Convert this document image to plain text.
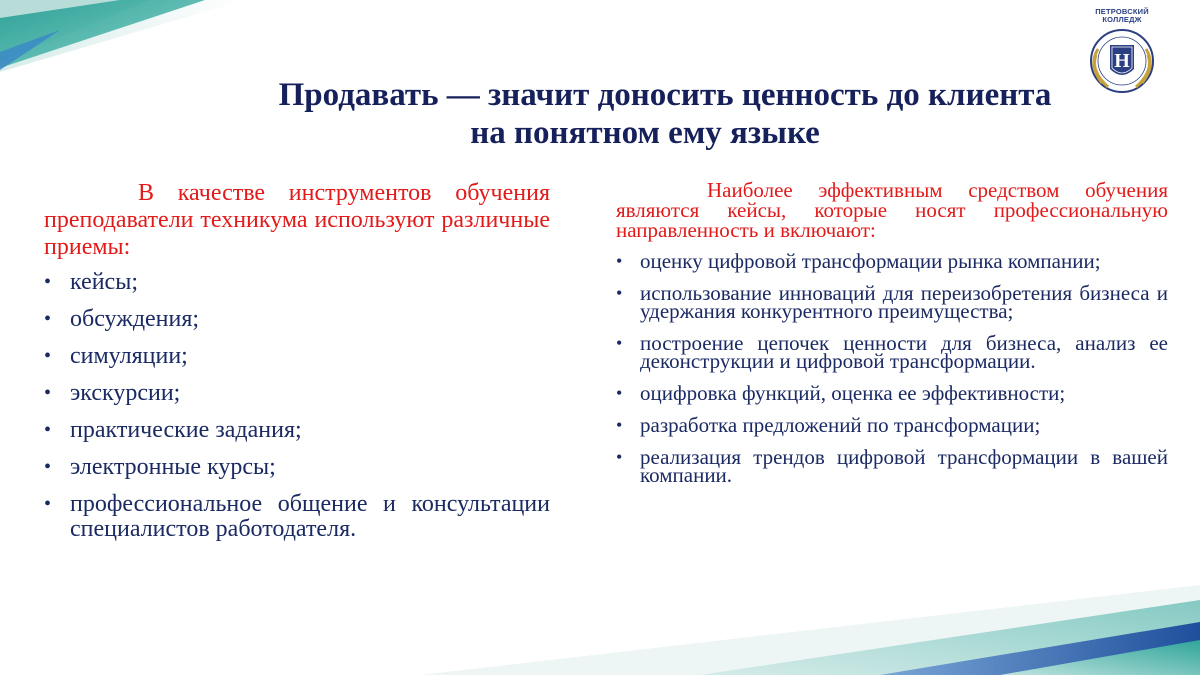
ПЕТРОВСКИЙ
КОЛЛЕДЖ
Н
Продавать — значит доносить ценность до клиента
на понятном ему языке

В качестве инструментов обучения преподаватели техникума используют различные приемы:

• кейсы;
• обсуждения;
• симуляции;
• экскурсии;
• практические задания;
• электронные курсы;
• профессиональное общение и консультации специалистов работодателя.

Наиболее эффективным средством обучения являются кейсы, которые носят профессиональную направленность и включают:

• оценку цифровой трансформации рынка компании;
• использование инноваций для переизобретения бизнеса и удержания конкурентного преимущества;
• построение цепочек ценности для бизнеса, анализ ее деконструкции и цифровой трансформации.
• оцифровка функций, оценка ее эффективности;
• разработка предложений по трансформации;
• реализация трендов цифровой трансформации в вашей компании.
